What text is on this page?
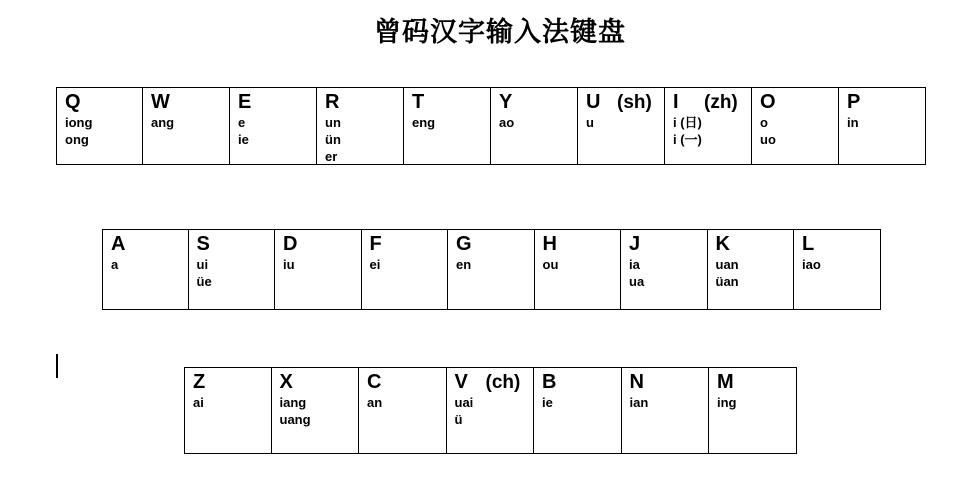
曾码汉字输入法键盘
Q
iong
ong
W
ang
E
e
ie
R
un
ün
er
T
eng
Y
ao
U (sh)
u
I	(zh)
i (日)
i (一)
O
o
uo
P
in
A
a
S
ui
üe
D
iu
F
ei
G
en
H
ou
J
ia
ua
K
uan
üan
L
iao
Z
ai
X
iang
uang
C
an
V (ch)
uai
ü
B
ie
N
ian
M
ing
